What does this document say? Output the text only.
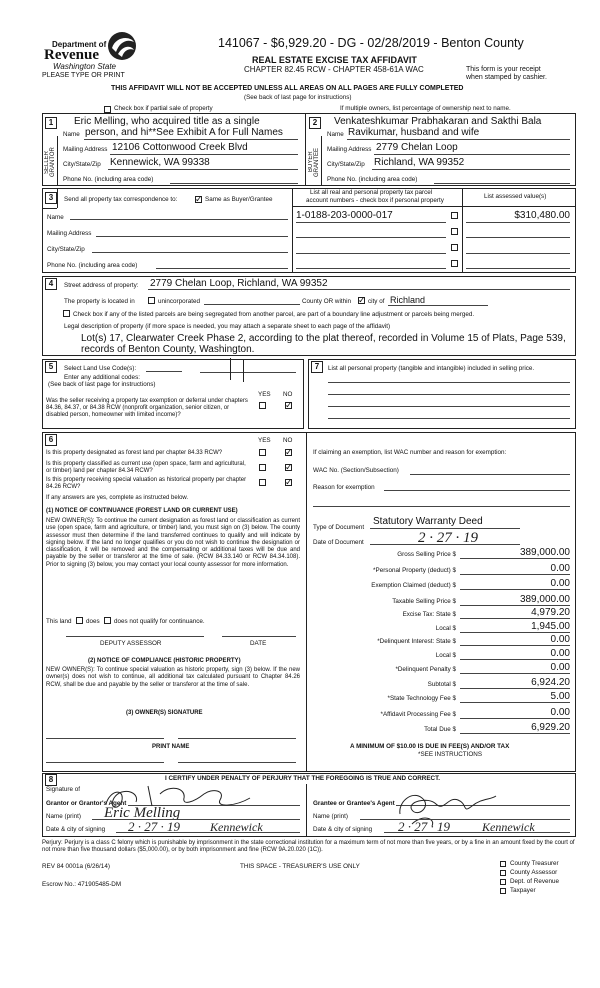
Department of
Revenue
Washington State
PLEASE TYPE OR PRINT
141067 - $6,929.20 - DG - 02/28/2019 - Benton County
REAL ESTATE EXCISE TAX AFFIDAVIT
CHAPTER 82.45 RCW - CHAPTER 458-61A WAC	This form is your receipt
when stamped by cashier.
THIS AFFIDAVIT WILL NOT BE ACCEPTED UNLESS ALL AREAS ON ALL PAGES ARE FULLY COMPLETED
(See back of last page for instructions)
Check box if partial sale of property	If multiple owners, list percentage of ownership next to name.
1
SELLER GRANTOR
Eric Melling, who acquired title as a single
Name person, and hi**See Exhibit A for Full Names
Mailing Address 12106 Cottonwood Creek Blvd
City/State/Zip Kennewick, WA 99338
Phone No. (including area code)
2
BUYER GRANTEE
Venkateshkumar Prabhakaran and Sakthi Bala
Name Ravikumar, husband and wife
Mailing Address 2779 Chelan Loop
City/State/Zip Richland, WA 99352
Phone No. (including area code)
3	Send all property tax correspondence to: ✓ Same as Buyer/Grantee
Name
Mailing Address
City/State/Zip
Phone No. (including area code)
List all real and personal property tax parcel
account numbers - check box if personal property
List assessed value(s)
1-0188-203-0000-017	$310,480.00
4	Street address of property: 2779 Chelan Loop, Richland, WA 99352
The property is located in	unincorporated	County OR within ✓ city of Richland
Check box if any of the listed parcels are being segregated from another parcel, are part of a boundary line adjustment or parcels being merged.
Legal description of property (if more space is needed, you may attach a separate sheet to each page of the affidavit)
Lot(s) 17, Clearwater Creek Phase 2, according to the plat thereof, recorded in Volume 15 of Plats, Page 539,
records of Benton County, Washington.
5	Select Land Use Code(s):
Enter any additional codes:
(See back of last page for instructions)
YES NO
Was the seller receiving a property tax exemption or deferral under chapters 84.36, 84.37, or 84.38 RCW (nonprofit organization, senior citizen, or disabled person, homeowner with limited income)?
✓
7	List all personal property (tangible and intangible) included in selling price.
6	YES NO
Is this property designated as forest land per chapter 84.33 RCW?	✓
Is this property classified as current use (open space, farm and agricultural, or timber) land per chapter 84.34 RCW?	✓
Is this property receiving special valuation as historical property per chapter 84.26 RCW?	✓
If any answers are yes, complete as instructed below.
(1) NOTICE OF CONTINUANCE (FOREST LAND OR CURRENT USE)
NEW OWNER(S): To continue the current designation as forest land or classification as current use (open space, farm and agriculture, or timber) land, you must sign on (3) below. The county assessor must then determine if the land transferred continues to qualify and will indicate by signing below. If the land no longer qualifies or you do not wish to continue the designation or classification, it will be removed and the compensating or additional taxes will be due and payable by the seller or transferor at the time of sale. (RCW 84.33.140 or RCW 84.34.108). Prior to signing (3) below, you may contact your local county assessor for more information.
This land does does not qualify for continuance.
DEPUTY ASSESSOR	DATE
(2) NOTICE OF COMPLIANCE (HISTORIC PROPERTY)
NEW OWNER(S): To continue special valuation as historic property, sign (3) below. If the new owner(s) does not wish to continue, all additional tax calculated pursuant to Chapter 84.26 RCW, shall be due and payable by the seller or transferor at the time of sale.
(3) OWNER(S) SIGNATURE
PRINT NAME
If claiming an exemption, list WAC number and reason for exemption:
WAC No. (Section/Subsection)
Reason for exemption
Type of Document
Statutory Warranty Deed
Date of Document	2 · 27 · 19
Gross Selling Price $	389,000.00
*Personal Property (deduct) $	0.00
Exemption Claimed (deduct) $	0.00
Taxable Selling Price $	389,000.00
Excise Tax: State $	4,979.20
Local $	1,945.00
*Delinquent Interest: State $	0.00
Local $	0.00
*Delinquent Penalty $	0.00
Subtotal $	6,924.20
*State Technology Fee $	5.00
*Affidavit Processing Fee $	0.00
Total Due $	6,929.20
A MINIMUM OF $10.00 IS DUE IN FEE(S) AND/OR TAX
*SEE INSTRUCTIONS
8	I CERTIFY UNDER PENALTY OF PERJURY THAT THE FOREGOING IS TRUE AND CORRECT.
Signature of
Grantor or Grantor's Agent
Name (print) Eric Melling
Date & city of signing 2 · 27 · 19	Kennewick
Grantee or Grantee's Agent
Name (print)
Date & city of signing 2 · 27 · 19	Kennewick
Perjury: Perjury is a class C felony which is punishable by imprisonment in the state correctional institution for a maximum term of not more than five years, or by a fine in an amount fixed by the court of not more than five thousand dollars ($5,000.00), or by both imprisonment and fine (RCW 9A.20.020 (1C)).
REV 84 0001a (6/26/14)	THIS SPACE - TREASURER'S USE ONLY
Escrow No.: 471905485-DM
County Treasurer
County Assessor
Dept. of Revenue
Taxpayer
